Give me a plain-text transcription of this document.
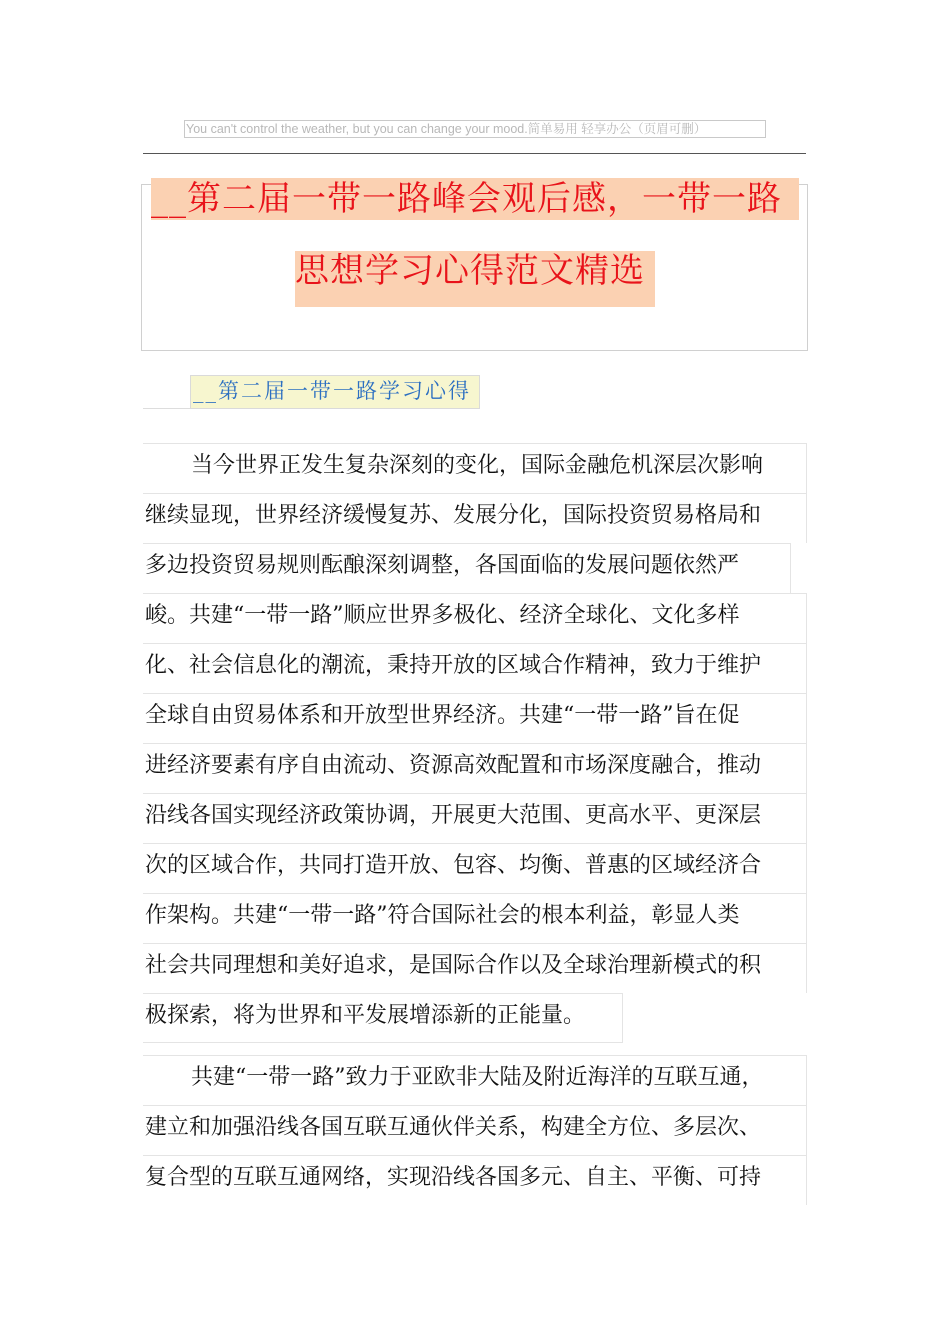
You can't control the weather, but you can change your mood.简单易用 轻享办公（页眉可删）
__第二届一带一路峰会观后感，一带一路
思想学习心得范文精选
__第二届一带一路学习心得
当今世界正发生复杂深刻的变化，国际金融危机深层次影响
继续显现，世界经济缓慢复苏、发展分化，国际投资贸易格局和
多边投资贸易规则酝酿深刻调整，各国面临的发展问题依然严
峻。共建“一带一路”顺应世界多极化、经济全球化、文化多样
化、社会信息化的潮流，秉持开放的区域合作精神，致力于维护
全球自由贸易体系和开放型世界经济。共建“一带一路”旨在促
进经济要素有序自由流动、资源高效配置和市场深度融合，推动
沿线各国实现经济政策协调，开展更大范围、更高水平、更深层
次的区域合作，共同打造开放、包容、均衡、普惠的区域经济合
作架构。共建“一带一路”符合国际社会的根本利益，彰显人类
社会共同理想和美好追求，是国际合作以及全球治理新模式的积
极探索，将为世界和平发展增添新的正能量。
共建“一带一路”致力于亚欧非大陆及附近海洋的互联互通，
建立和加强沿线各国互联互通伙伴关系，构建全方位、多层次、
复合型的互联互通网络，实现沿线各国多元、自主、平衡、可持
